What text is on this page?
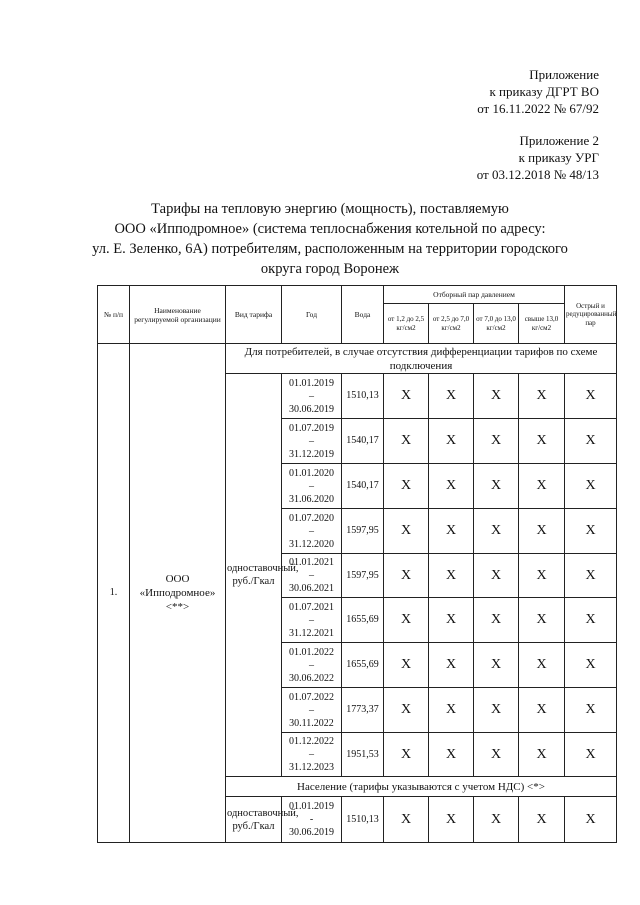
Приложение
к приказу ДГРТ ВО
от 16.11.2022 № 67/92
Приложение 2
к приказу УРГ
от 03.12.2018 № 48/13
Тарифы на тепловую энергию (мощность), поставляемую
ООО «Ипподромное» (система теплоснабжения котельной по адресу:
ул. Е. Зеленко, 6А) потребителям, расположенным на территории городского
округа город Воронеж
№ п/п	Наименование регулируемой организации	Вид тарифа	Год	Вода	Отборный пар давлением				Острый и редуцированный пар
					от 1,2 до 2,5 кг/см2	от 2,5 до 7,0 кг/см2	от 7,0 до 13,0 кг/см2	свыше 13,0 кг/см2	
1.	ООО «Ипподромное» <**>	Для потребителей, в случае отсутствия дифференциации тарифов по схеме подключения							
		одноставочный, руб./Гкал	01.01.2019
–
30.06.2019	1510,13	X	X	X	X	X

			01.07.2019
–
31.12.2019	1540,17	X	X	X	X	X

			01.01.2020
–
31.06.2020	1540,17	X	X	X	X	X

			01.07.2020
–
31.12.2020	1597,95	X	X	X	X	X

			01.01.2021
–
30.06.2021	1597,95	X	X	X	X	X

			01.07.2021
–
31.12.2021	1655,69	X	X	X	X	X

			01.01.2022
–
30.06.2022	1655,69	X	X	X	X	X

			01.07.2022
–
30.11.2022	1773,37	X	X	X	X	X

			01.12.2022
–
31.12.2023	1951,53	X	X	X	X	X
		Население (тарифы указываются с учетом НДС) <*>							
		одноставочный, руб./Гкал	01.01.2019
-
30.06.2019	1510,13	X	X	X	X	X
